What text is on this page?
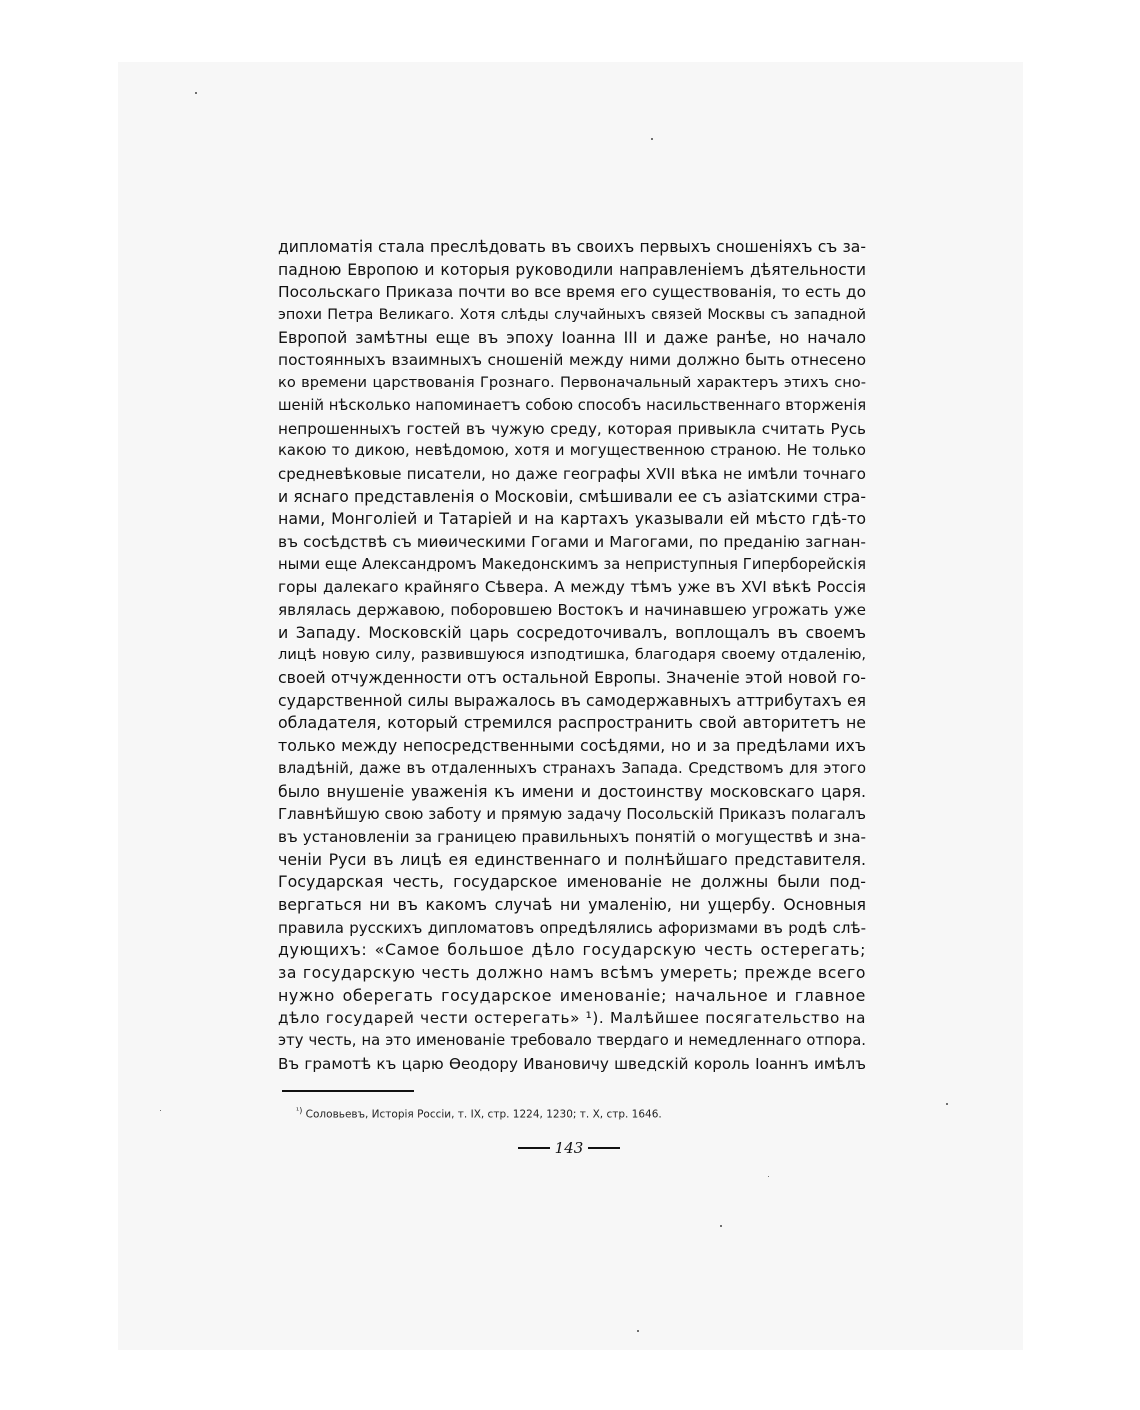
дипломатія стала преслѣдовать въ своихъ первыхъ сношеніяхъ съ за-
падною Европою и которыя руководили направленіемъ дѣятельности
Посольскаго Приказа почти во все время его существованія, то есть до
эпохи Петра Великаго. Хотя слѣды случайныхъ связей Москвы съ западной
Европой замѣтны еще въ эпоху Іоанна III и даже ранѣе, но начало
постоянныхъ взаимныхъ сношеній между ними должно быть отнесено
ко времени царствованія Грознаго. Первоначальный характеръ этихъ сно-
шеній нѣсколько напоминаетъ собою способъ насильственнаго вторженія
непрошенныхъ гостей въ чужую среду, которая привыкла считать Русь
какою то дикою, невѣдомою, хотя и могущественною страною. Не только
средневѣковые писатели, но даже географы XVII вѣка не имѣли точнаго
и яснаго представленія о Московіи, смѣшивали ее съ азіатскими стра-
нами, Монголіей и Татаріей и на картахъ указывали ей мѣсто гдѣ-то
въ сосѣдствѣ съ миѳическими Гогами и Магогами, по преданію загнан-
ными еще Александромъ Македонскимъ за неприступныя Гиперборейскія
горы далекаго крайняго Сѣвера. А между тѣмъ уже въ XVI вѣкѣ Россія
являлась державою, поборовшею Востокъ и начинавшею угрожать уже
и Западу. Московскій царь сосредоточивалъ, воплощалъ въ своемъ
лицѣ новую силу, развившуюся изподтишка, благодаря своему отдаленію,
своей отчужденности отъ остальной Европы. Значеніе этой новой го-
сударственной силы выражалось въ самодержавныхъ аттрибутахъ ея
обладателя, который стремился распространить свой авторитетъ не
только между непосредственными сосѣдями, но и за предѣлами ихъ
владѣній, даже въ отдаленныхъ странахъ Запада. Средствомъ для этого
было внушеніе уваженія къ имени и достоинству московскаго царя.
Главнѣйшую свою заботу и прямую задачу Посольскій Приказъ полагалъ
въ установленіи за границею правильныхъ понятій о могуществѣ и зна-
ченіи Руси въ лицѣ ея единственнаго и полнѣйшаго представителя.
Государская честь, государское именованіе не должны были под-
вергаться ни въ какомъ случаѣ ни умаленію, ни ущербу. Основныя
правила русскихъ дипломатовъ опредѣлялись афоризмами въ родѣ слѣ-
дующихъ: «Самое большое дѣло государскую честь остерегать;
за государскую честь должно намъ всѣмъ умереть; прежде всего
нужно оберегать государское именованіе; начальное и главное
дѣло государей чести остерегать» ¹). Малѣйшее посягательство на
эту честь, на это именованіе требовало твердаго и немедленнаго отпора.
Въ грамотѣ къ царю Ѳеодору Ивановичу шведскій король Іоаннъ имѣлъ
$^{^1)}$ Соловьевъ, Исторія Россіи, т. IX, стр. 1224, 1230; т. X, стр. 1646.
143
